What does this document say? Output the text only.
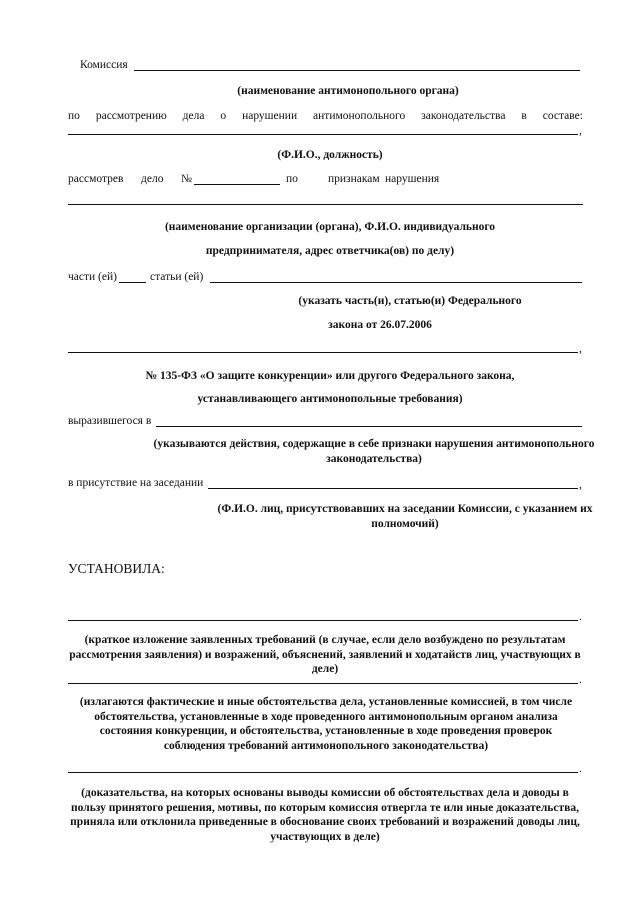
Комиссия
(наименование антимонопольного органа)
по рассмотрению дела о нарушении антимонопольного законодательства в составе:
,
(Ф.И.О., должность)
рассмотрев дело №	по	признакам нарушения
(наименование организации (органа), Ф.И.О. индивидуального
предпринимателя, адрес ответчика(ов) по делу)
части (ей)	статьи (ей)
(указать часть(и), статью(и) Федерального
закона от 26.07.2006
,
№ 135-ФЗ «О защите конкуренции» или другого Федерального закона,
устанавливающего антимонопольные требования)
выразившегося в
(указываются действия, содержащие в себе признаки нарушения антимонопольного законодательства)
в присутствие на заседании	,
(Ф.И.О. лиц, присутствовавших на заседании Комиссии, с указанием их полномочий)
УСТАНОВИЛА:
.
(краткое изложение заявленных требований (в случае, если дело возбуждено по результатам рассмотрения заявления) и возражений, объяснений, заявлений и ходатайств лиц, участвующих в деле)
.
(излагаются фактические и иные обстоятельства дела, установленные комиссией, в том числе обстоятельства, установленные в ходе проведенного антимонопольным органом анализа состояния конкуренции, и обстоятельства, установленные в ходе проведения проверок соблюдения требований антимонопольного законодательства)
.
(доказательства, на которых основаны выводы комиссии об обстоятельствах дела и доводы в пользу принятого решения, мотивы, по которым комиссия отвергла те или иные доказательства, приняла или отклонила приведенные в обоснование своих требований и возражений доводы лиц, участвующих в деле)
